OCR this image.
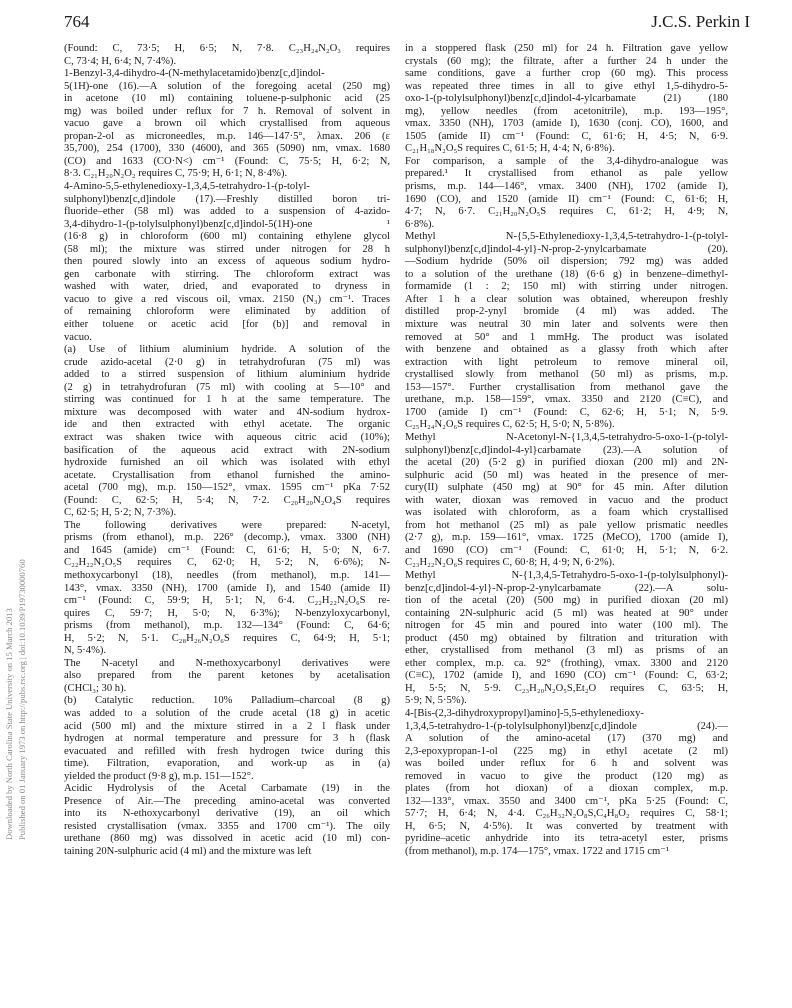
764	J.C.S. Perkin I
Downloaded by North Carolina State University on 15 March 2013 Published on 01 January 1973 on http://pubs.rsc.org | doi:10.1039/P19730000760
(Found: C, 73·5; H, 6·5; N, 7·8. C₂₃H₂₄N₂O₃ requires
C, 73·4; H, 6·4; N, 7·4%).
1-Benzyl-3,4-dihydro-4-(N-methylacetamido)benz[c,d]indol-
5(1H)-one (16).—A solution of the foregoing acetal (250 mg)
in acetone (10 ml) containing toluene-p-sulphonic acid (25
mg) was boiled under reflux for 7 h. Removal of solvent in
vacuo gave a brown oil which crystallised from aqueous
propan-2-ol as microneedles, m.p. 146—147·5°, λmax. 206 (ε
35,700), 254 (1700), 330 (4600), and 365 (5090) nm, νmax. 1680
(CO) and 1633 (CO·N<) cm⁻¹ (Found: C, 75·5; H, 6·2; N,
8·3. C₂₁H₂₀N₂O₂ requires C, 75·9; H, 6·1; N, 8·4%).
4-Amino-5,5-ethylenedioxy-1,3,4,5-tetrahydro-1-(p-tolyl-
sulphonyl)benz[c,d]indole (17).—Freshly distilled boron tri-
fluoride–ether (58 ml) was added to a suspension of 4-azido-
3,4-dihydro-1-(p-tolylsulphonyl)benz[c,d]indol-5(1H)-one ¹
(16·8 g) in chloroform (600 ml) containing ethylene glycol
(58 ml); the mixture was stirred under nitrogen for 28 h
then poured slowly into an excess of aqueous sodium hydro-
gen carbonate with stirring. The chloroform extract was
washed with water, dried, and evaporated to dryness in
vacuo to give a red viscous oil, νmax. 2150 (N₃) cm⁻¹. Traces
of remaining chloroform were eliminated by addition of
either toluene or acetic acid [for (b)] and removal in
vacuo.
(a) Use of lithium aluminium hydride. A solution of the
crude azido-acetal (2·0 g) in tetrahydrofuran (75 ml) was
added to a stirred suspension of lithium aluminium hydride
(2 g) in tetrahydrofuran (75 ml) with cooling at 5—10° and
stirring was continued for 1 h at the same temperature. The
mixture was decomposed with water and 4N-sodium hydrox-
ide and then extracted with ethyl acetate. The organic
extract was shaken twice with aqueous citric acid (10%);
basification of the aqueous acid extract with 2N-sodium
hydroxide furnished an oil which was isolated with ethyl
acetate. Crystallisation from ethanol furnished the amino-
acetal (700 mg), m.p. 150—152°, νmax. 1595 cm⁻¹ pKa 7·52
(Found: C, 62·5; H, 5·4; N, 7·2. C₂₀H₂₀N₂O₄S requires
C, 62·5; H, 5·2; N, 7·3%).
The following derivatives were prepared: N-acetyl,
prisms (from ethanol), m.p. 226° (decomp.), νmax. 3300 (NH)
and 1645 (amide) cm⁻¹ (Found: C, 61·6; H, 5·0; N, 6·7.
C₂₂H₂₂N₂O₅S requires C, 62·0; H, 5·2; N, 6·6%); N-
methoxycarbonyl (18), needles (from methanol), m.p. 141—
143°, νmax. 3350 (NH), 1700 (amide I), and 1540 (amide II)
cm⁻¹ (Found: C, 59·9; H, 5·1; N, 6·4. C₂₂H₂₂N₂O₆S re-
quires C, 59·7; H, 5·0; N, 6·3%); N-benzyloxycarbonyl,
prisms (from methanol), m.p. 132—134° (Found: C, 64·6;
H, 5·2; N, 5·1. C₂₈H₂₆N₂O₆S requires C, 64·9; H, 5·1;
N, 5·4%).
The N-acetyl and N-methoxycarbonyl derivatives were
also prepared from the parent ketones by acetalisation
(CHCl₃; 30 h).
(b) Catalytic reduction. 10% Palladium–charcoal (8 g)
was added to a solution of the crude acetal (18 g) in acetic
acid (500 ml) and the mixture stirred in a 2 l flask under
hydrogen at normal temperature and pressure for 3 h (flask
evacuated and refilled with fresh hydrogen twice during this
time). Filtration, evaporation, and work-up as in (a)
yielded the product (9·8 g), m.p. 151—152°.
Acidic Hydrolysis of the Acetal Carbamate (19) in the
Presence of Air.—The preceding amino-acetal was converted
into its N-ethoxycarbonyl derivative (19), an oil which
resisted crystallisation (νmax. 3355 and 1700 cm⁻¹). The oily
urethane (860 mg) was dissolved in acetic acid (10 ml) con-
taining 20N-sulphuric acid (4 ml) and the mixture was left
in a stoppered flask (250 ml) for 24 h. Filtration gave yellow
crystals (60 mg); the filtrate, after a further 24 h under the
same conditions, gave a further crop (60 mg). This process
was repeated three times in all to give ethyl 1,5-dihydro-5-
oxo-1-(p-tolylsulphonyl)benz[c,d]indol-4-ylcarbamate (21) (180
mg), yellow needles (from acetonitrile), m.p. 193—195°,
νmax. 3350 (NH), 1703 (amide I), 1630 (conj. CO), 1600, and
1505 (amide II) cm⁻¹ (Found: C, 61·6; H, 4·5; N, 6·9.
C₂₁H₁₈N₂O₅S requires C, 61·5; H, 4·4; N, 6·8%).
For comparison, a sample of the 3,4-dihydro-analogue was
prepared.¹ It crystallised from ethanol as pale yellow
prisms, m.p. 144—146°, νmax. 3400 (NH), 1702 (amide I),
1690 (CO), and 1520 (amide II) cm⁻¹ (Found: C, 61·6; H,
4·7; N, 6·7. C₂₁H₂₀N₂O₅S requires C, 61·2; H, 4·9; N,
6·8%).
Methyl N-{5,5-Ethylenedioxy-1,3,4,5-tetrahydro-1-(p-tolyl-
sulphonyl)benz[c,d]indol-4-yl}-N-prop-2-ynylcarbamate (20).
—Sodium hydride (50% oil dispersion; 792 mg) was added
to a solution of the urethane (18) (6·6 g) in benzene–dimethyl-
formamide (1 : 2; 150 ml) with stirring under nitrogen.
After 1 h a clear solution was obtained, whereupon freshly
distilled prop-2-ynyl bromide (4 ml) was added. The
mixture was neutral 30 min later and solvents were then
removed at 50° and 1 mmHg. The product was isolated
with benzene and obtained as a glassy froth which after
extraction with light petroleum to remove mineral oil,
crystallised slowly from methanol (50 ml) as prisms, m.p.
153—157°. Further crystallisation from methanol gave the
urethane, m.p. 158—159°, νmax. 3350 and 2120 (C≡C), and
1700 (amide I) cm⁻¹ (Found: C, 62·6; H, 5·1; N, 5·9.
C₂₅H₂₄N₂O₆S requires C, 62·5; H, 5·0; N, 5·8%).
Methyl N-Acetonyl-N-{1,3,4,5-tetrahydro-5-oxo-1-(p-tolyl-
sulphonyl)benz[c,d]indol-4-yl}carbamate (23).—A solution of
the acetal (20) (5·2 g) in purified dioxan (200 ml) and 2N-
sulphuric acid (50 ml) was heated in the presence of mer-
cury(II) sulphate (450 mg) at 90° for 45 min. After dilution
with water, dioxan was removed in vacuo and the product
was isolated with chloroform, as a foam which crystallised
from hot methanol (25 ml) as pale yellow prismatic needles
(2·7 g), m.p. 159—161°, νmax. 1725 (MeCO), 1700 (amide I),
and 1690 (CO) cm⁻¹ (Found: C, 61·0; H, 5·1; N, 6·2.
C₂₃H₂₂N₂O₆S requires C, 60·8; H, 4·9; N, 6·2%).
Methyl N-{1,3,4,5-Tetrahydro-5-oxo-1-(p-tolylsulphonyl)-
benz[c,d]indol-4-yl}-N-prop-2-ynylcarbamate (22).—A solu-
tion of the acetal (20) (500 mg) in purified dioxan (20 ml)
containing 2N-sulphuric acid (5 ml) was heated at 90° under
nitrogen for 45 min and poured into water (100 ml). The
product (450 mg) obtained by filtration and trituration with
ether, crystallised from methanol (3 ml) as prisms of an
ether complex, m.p. ca. 92° (frothing), νmax. 3300 and 2120
(C≡C), 1702 (amide I), and 1690 (CO) cm⁻¹ (Found: C, 63·2;
H, 5·5; N, 5·9. C₂₃H₂₀N₂O₅S,Et₂O requires C, 63·5; H,
5·9; N, 5·5%).
4-[Bis-(2,3-dihydroxypropyl)amino]-5,5-ethylenedioxy-
1,3,4,5-tetrahydro-1-(p-tolylsulphonyl)benz[c,d]indole (24).—
A solution of the amino-acetal (17) (370 mg) and
2,3-epoxypropan-1-ol (225 mg) in ethyl acetate (2 ml)
was boiled under reflux for 6 h and solvent was
removed in vacuo to give the product (120 mg) as
plates (from hot dioxan) of a dioxan complex, m.p.
132—133°, νmax. 3550 and 3400 cm⁻¹, pKa 5·25 (Found: C,
57·7; H, 6·4; N, 4·4. C₂₆H₃₂N₂O₈S,C₄H₈O₂ requires C, 58·1;
H, 6·5; N, 4·5%). It was converted by treatment with
pyridine–acetic anhydride into its tetra-acetyl ester, prisms
(from methanol), m.p. 174—175°, νmax. 1722 and 1715 cm⁻¹
